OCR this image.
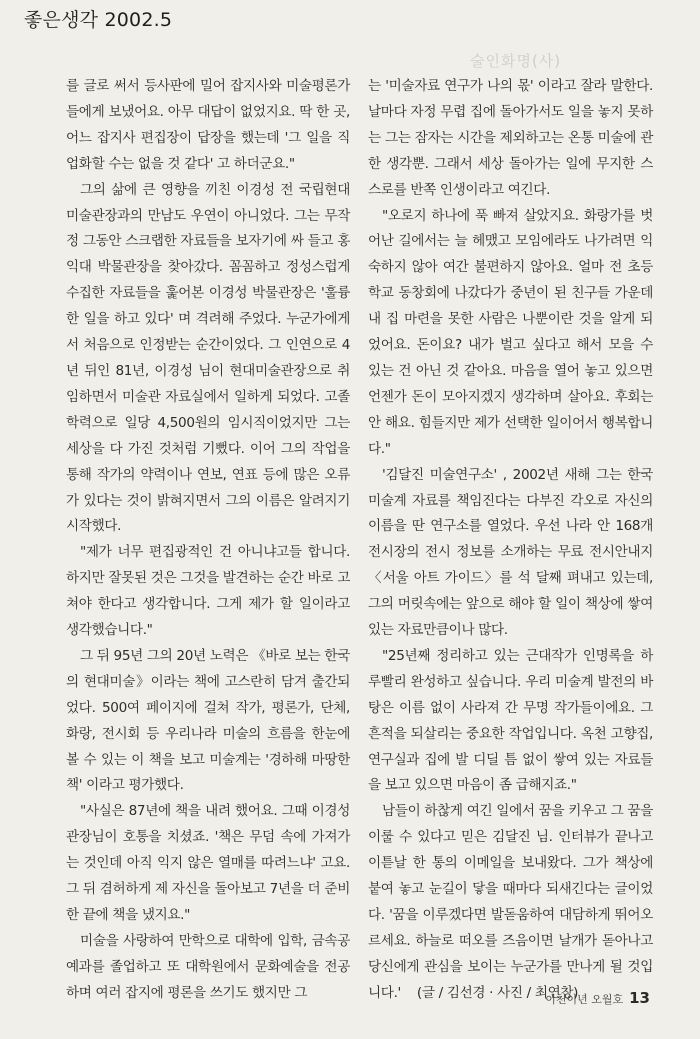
좋은생각 2002.5
술인화명(사)

를 글로 써서 등사판에 밀어 잡지사와 미술평론가들에게 보냈어요. 아무 대답이 없었지요. 딱 한 곳, 어느 잡지사 편집장이 답장을 했는데 '그 일을 직업화할 수는 없을 것 같다' 고 하더군요."

그의 삶에 큰 영향을 끼친 이경성 전 국립현대미술관장과의 만남도 우연이 아니었다. 그는 무작정 그동안 스크랩한 자료들을 보자기에 싸 들고 홍익대 박물관장을 찾아갔다. 꼼꼼하고 정성스럽게 수집한 자료들을 훑어본 이경성 박물관장은 '훌륭한 일을 하고 있다' 며 격려해 주었다. 누군가에게서 처음으로 인정받는 순간이었다. 그 인연으로 4년 뒤인 81년, 이경성 님이 현대미술관장으로 취임하면서 미술관 자료실에서 일하게 되었다. 고졸 학력으로 일당 4,500원의 임시직이었지만 그는 세상을 다 가진 것처럼 기뻤다. 이어 그의 작업을 통해 작가의 약력이나 연보, 연표 등에 많은 오류가 있다는 것이 밝혀지면서 그의 이름은 알려지기 시작했다.

"제가 너무 편집광적인 건 아니냐고들 합니다. 하지만 잘못된 것은 그것을 발견하는 순간 바로 고쳐야 한다고 생각합니다. 그게 제가 할 일이라고 생각했습니다."

그 뒤 95년 그의 20년 노력은 《바로 보는 한국의 현대미술》이라는 책에 고스란히 담겨 출간되었다. 500여 페이지에 걸쳐 작가, 평론가, 단체, 화랑, 전시회 등 우리나라 미술의 흐름을 한눈에 볼 수 있는 이 책을 보고 미술계는 '경하해 마땅한 책' 이라고 평가했다.

"사실은 87년에 책을 내려 했어요. 그때 이경성 관장님이 호통을 치셨죠. '책은 무덤 속에 가져가는 것인데 아직 익지 않은 열매를 따려느냐' 고요. 그 뒤 겸허하게 제 자신을 돌아보고 7년을 더 준비한 끝에 책을 냈지요."

미술을 사랑하여 만학으로 대학에 입학, 금속공예과를 졸업하고 또 대학원에서 문화예술을 전공하며 여러 잡지에 평론을 쓰기도 했지만 그

는 '미술자료 연구가 나의 몫' 이라고 잘라 말한다. 날마다 자정 무렵 집에 돌아가서도 일을 놓지 못하는 그는 잠자는 시간을 제외하고는 온통 미술에 관한 생각뿐. 그래서 세상 돌아가는 일에 무지한 스스로를 반쪽 인생이라고 여긴다.

"오로지 하나에 푹 빠져 살았지요. 화랑가를 벗어난 길에서는 늘 헤맸고 모임에라도 나가려면 익숙하지 않아 여간 불편하지 않아요. 얼마 전 초등학교 동창회에 나갔다가 중년이 된 친구들 가운데 내 집 마련을 못한 사람은 나뿐이란 것을 알게 되었어요. 돈이요? 내가 벌고 싶다고 해서 모을 수 있는 건 아닌 것 같아요. 마음을 열어 놓고 있으면 언젠가 돈이 모아지겠지 생각하며 살아요. 후회는 안 해요. 힘들지만 제가 선택한 일이어서 행복합니다."

'김달진 미술연구소' , 2002년 새해 그는 한국 미술계 자료를 책임진다는 다부진 각오로 자신의 이름을 딴 연구소를 열었다. 우선 나라 안 168개 전시장의 전시 정보를 소개하는 무료 전시안내지 〈서울 아트 가이드〉를 석 달째 펴내고 있는데, 그의 머릿속에는 앞으로 해야 할 일이 책상에 쌓여 있는 자료만큼이나 많다.

"25년째 정리하고 있는 근대작가 인명록을 하루빨리 완성하고 싶습니다. 우리 미술계 발전의 바탕은 이름 없이 사라져 간 무명 작가들이에요. 그 흔적을 되살리는 중요한 작업입니다. 옥천 고향집, 연구실과 집에 발 디딜 틈 없이 쌓여 있는 자료들을 보고 있으면 마음이 좀 급해지죠."

남들이 하찮게 여긴 일에서 꿈을 키우고 그 꿈을 이룰 수 있다고 믿은 김달진 님. 인터뷰가 끝나고 이튿날 한 통의 이메일을 보내왔다. 그가 책상에 붙여 놓고 눈길이 닿을 때마다 되새긴다는 글이었다. '꿈을 이루겠다면 발돋움하여 대담하게 뛰어오르세요. 하늘로 떠오를 즈음이면 날개가 돋아나고 당신에게 관심을 보이는 누군가를 만나게 될 것입니다.' (글 / 김선경 · 사진 / 최연창)

이천이년 오월호 13
